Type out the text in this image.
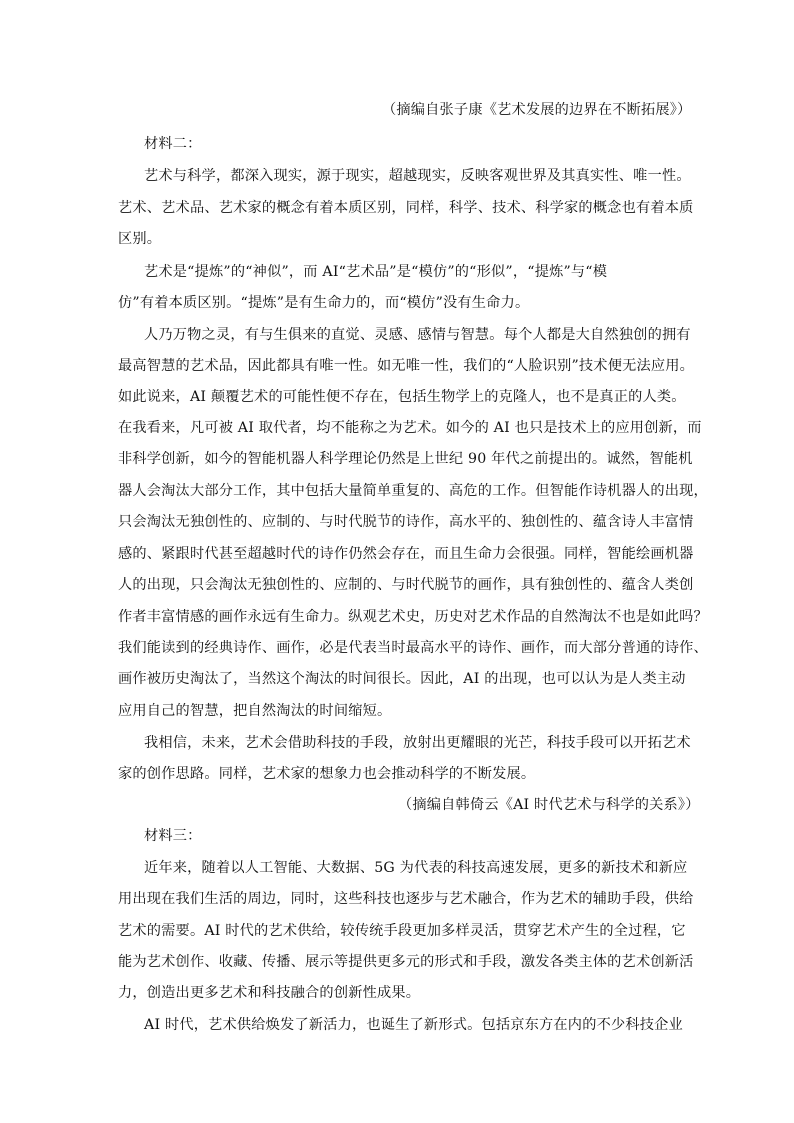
（摘编自张子康《艺术发展的边界在不断拓展》）
材料二：
艺术与科学，都深入现实，源于现实，超越现实，反映客观世界及其真实性、唯一性。
艺术、艺术品、艺术家的概念有着本质区别，同样，科学、技术、科学家的概念也有着本质
区别。
艺术是“提炼”的“神似”，而 AI“艺术品”是“模仿”的“形似”，“提炼”与“模
仿”有着本质区别。“提炼”是有生命力的，而“模仿”没有生命力。
人乃万物之灵，有与生俱来的直觉、灵感、感情与智慧。每个人都是大自然独创的拥有
最高智慧的艺术品，因此都具有唯一性。如无唯一性，我们的“人脸识别”技术便无法应用。
如此说来，AI 颠覆艺术的可能性便不存在，包括生物学上的克隆人，也不是真正的人类。
在我看来，凡可被 AI 取代者，均不能称之为艺术。如今的 AI 也只是技术上的应用创新，而
非科学创新，如今的智能机器人科学理论仍然是上世纪 90 年代之前提出的。诚然，智能机
器人会淘汰大部分工作，其中包括大量简单重复的、高危的工作。但智能作诗机器人的出现，
只会淘汰无独创性的、应制的、与时代脱节的诗作，高水平的、独创性的、蕴含诗人丰富情
感的、紧跟时代甚至超越时代的诗作仍然会存在，而且生命力会很强。同样，智能绘画机器
人的出现，只会淘汰无独创性的、应制的、与时代脱节的画作，具有独创性的、蕴含人类创
作者丰富情感的画作永远有生命力。纵观艺术史，历史对艺术作品的自然淘汰不也是如此吗？
我们能读到的经典诗作、画作，必是代表当时最高水平的诗作、画作，而大部分普通的诗作、
画作被历史淘汰了，当然这个淘汰的时间很长。因此，AI 的出现，也可以认为是人类主动
应用自己的智慧，把自然淘汰的时间缩短。
我相信，未来，艺术会借助科技的手段，放射出更耀眼的光芒，科技手段可以开拓艺术
家的创作思路。同样，艺术家的想象力也会推动科学的不断发展。
（摘编自韩倚云《AI 时代艺术与科学的关系》）
材料三：
近年来，随着以人工智能、大数据、5G 为代表的科技高速发展，更多的新技术和新应
用出现在我们生活的周边，同时，这些科技也逐步与艺术融合，作为艺术的辅助手段，供给
艺术的需要。AI 时代的艺术供给，较传统手段更加多样灵活，贯穿艺术产生的全过程，它
能为艺术创作、收藏、传播、展示等提供更多元的形式和手段，激发各类主体的艺术创新活
力，创造出更多艺术和科技融合的创新性成果。
AI 时代，艺术供给焕发了新活力，也诞生了新形式。包括京东方在内的不少科技企业
